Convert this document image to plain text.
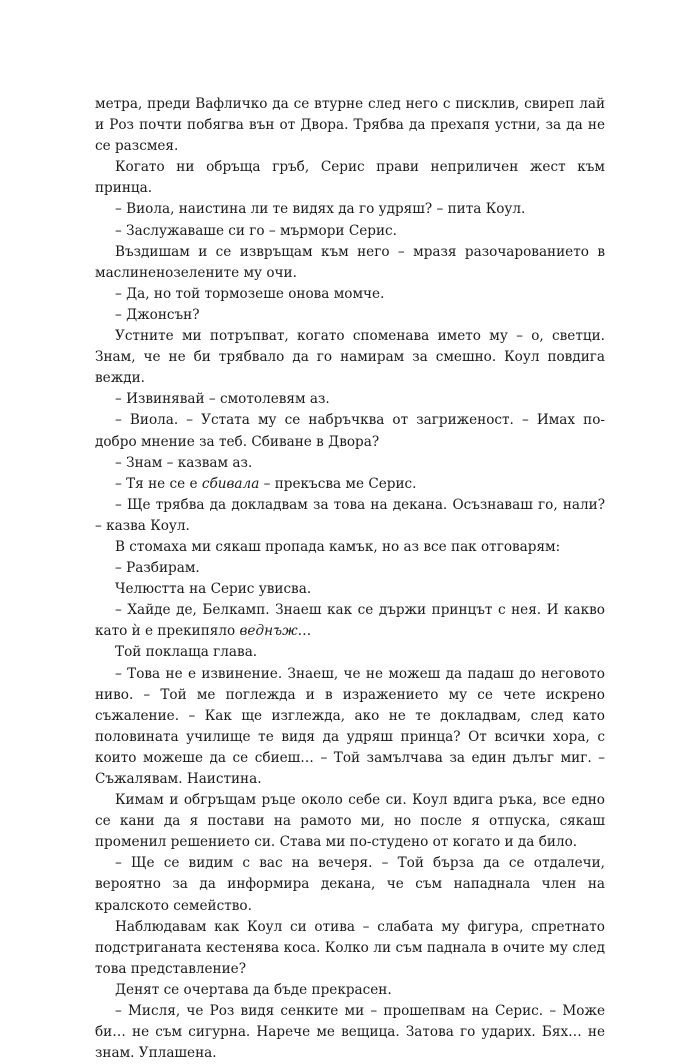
метра, преди Вафличко да се втурне след него с писклив, свиреп лай и Роз почти побягва вън от Двора. Трябва да прехапя устни, за да не се разсмея.

Когато ни обръща гръб, Серис прави неприличен жест към принца.

– Виола, наистина ли те видях да го удряш? – пита Коул.

– Заслужаваше си го – мърмори Серис.

Въздишам и се извръщам към него – мразя разочарованието в маслиненозелените му очи.

– Да, но той тормозеше онова момче.

– Джонсън?

Устните ми потръпват, когато споменава името му – о, светци. Знам, че не би трябвало да го намирам за смешно. Коул повдига вежди.

– Извинявай – смотолевям аз.

– Виола. – Устата му се набръчква от загриженост. – Имах по-добро мнение за теб. Сбиване в Двора?

– Знам – казвам аз.

– Тя не се е сбивала – прекъсва ме Серис.

– Ще трябва да докладвам за това на декана. Осъзнаваш го, нали? – казва Коул.

В стомаха ми сякаш пропада камък, но аз все пак отговарям:

– Разбирам.

Челюстта на Серис увисва.

– Хайде де, Белкамп. Знаеш как се държи принцът с нея. И какво като ѝ е прекипяло веднъж…

Той поклаща глава.

– Това не е извинение. Знаеш, че не можеш да падаш до неговото ниво. – Той ме поглежда и в изражението му се чете искрено съжаление. – Как ще изглежда, ако не те докладвам, след като половината училище те видя да удряш принца? От всички хора, с които можеше да се сбиеш… – Той замълчава за един дълъг миг. – Съжалявам. Наистина.

Кимам и обгръщам ръце около себе си. Коул вдига ръка, все едно се кани да я постави на рамото ми, но после я отпуска, сякаш променил решението си. Става ми по-студено от когато и да било.

– Ще се видим с вас на вечеря. – Той бърза да се отдалечи, вероятно за да информира декана, че съм нападнала член на кралското семейство.

Наблюдавам как Коул си отива – слабата му фигура, спретнато подстриганата кестенява коса. Колко ли съм паднала в очите му след това представление?

Денят се очертава да бъде прекрасен.

– Мисля, че Роз видя сенките ми – прошепвам на Серис. – Може би… не съм сигурна. Нарече ме вещица. Затова го ударих. Бях… не знам. Уплашена.
